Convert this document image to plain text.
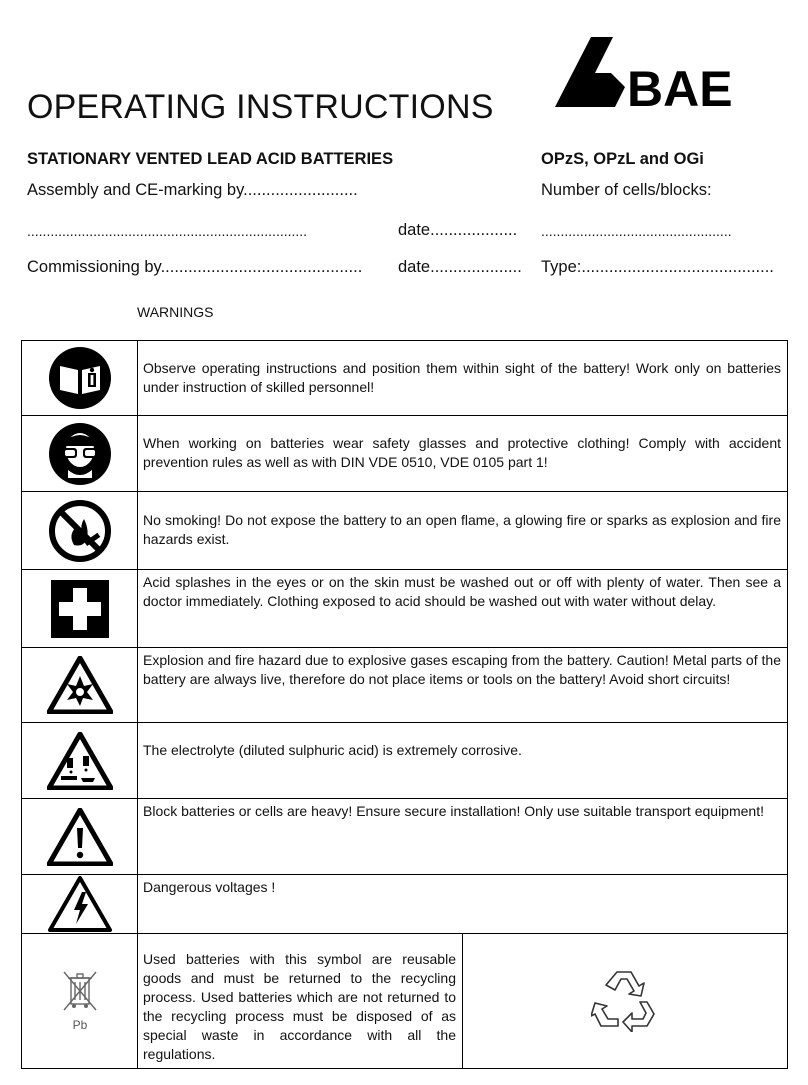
OPERATING INSTRUCTIONS	BAE
STATIONARY VENTED LEAD ACID BATTERIES	OPzS, OPzL and OGi
Assembly and CE-marking by.........................	Number of cells/blocks:
........................................................................	date................... .................................................
Commissioning by............................................ date.................... Type:..........................................
WARNINGS
	Observe operating instructions and position them within sight of the battery! Work only on batteries under instruction of skilled personnel!	

	When working on batteries wear safety glasses and protective clothing! Comply with accident prevention rules as well as with DIN VDE 0510, VDE 0105 part 1!	

	No smoking! Do not expose the battery to an open flame, a glowing fire or sparks as explosion and fire hazards exist.	

	Acid splashes in the eyes or on the skin must be washed out or off with plenty of water. Then see a doctor immediately. Clothing exposed to acid should be washed out with water without delay.	

	Explosion and fire hazard due to explosive gases escaping from the battery. Caution! Metal parts of the battery are always live, therefore do not place items or tools on the battery! Avoid short circuits!	

	The electrolyte (diluted sulphuric acid) is extremely corrosive.	

	Block batteries or cells are heavy! Ensure secure installation! Only use suitable transport equipment!	

	Dangerous voltages !	

Pb	Used batteries with this symbol are reusable goods and must be returned to the recycling process. Used batteries which are not returned to the recycling process must be disposed of as special waste in accordance with all the regulations.	
